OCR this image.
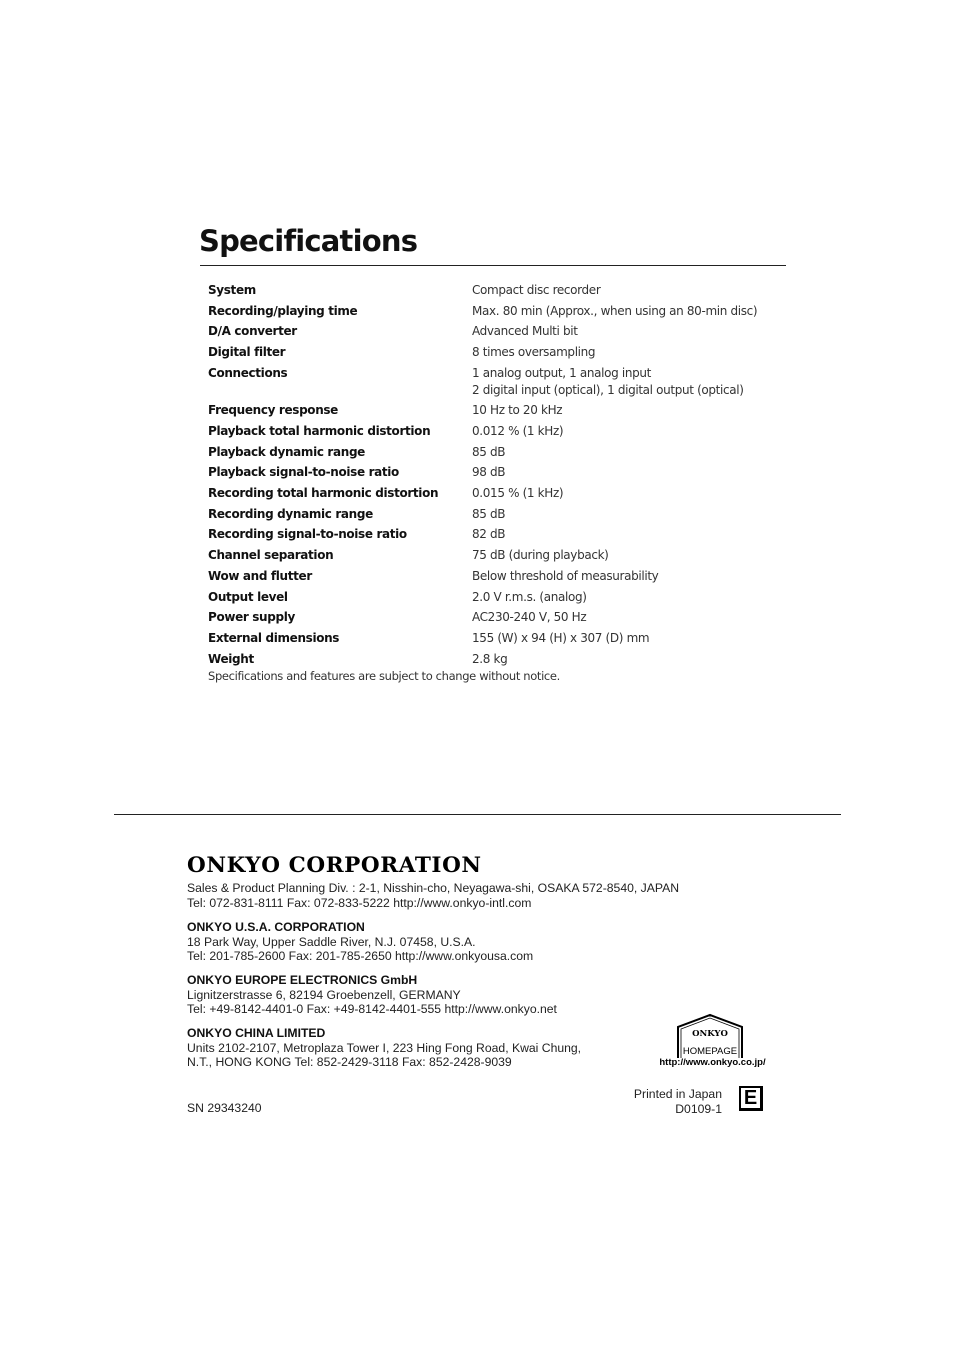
Specifications
System	Compact disc recorder
Recording/playing time	Max. 80 min (Approx., when using an 80-min disc)
D/A converter	Advanced Multi bit
Digital filter	8 times oversampling
Connections	1 analog output, 1 analog input
2 digital input (optical), 1 digital output (optical)
Frequency response	10 Hz to 20 kHz
Playback total harmonic distortion	0.012 % (1 kHz)
Playback dynamic range	85 dB
Playback signal-to-noise ratio	98 dB
Recording total harmonic distortion	0.015 % (1 kHz)
Recording dynamic range	85 dB
Recording signal-to-noise ratio	82 dB
Channel separation	75 dB (during playback)
Wow and flutter	Below threshold of measurability
Output level	2.0 V r.m.s. (analog)
Power supply	AC230-240 V, 50 Hz
External dimensions	155 (W) x 94 (H) x 307 (D) mm
Weight	2.8 kg
Specifications and features are subject to change without notice.
ONKYO CORPORATION
Sales & Product Planning Div. : 2-1, Nisshin-cho, Neyagawa-shi, OSAKA 572-8540, JAPAN
Tel: 072-831-8111 Fax: 072-833-5222 http://www.onkyo-intl.com
ONKYO U.S.A. CORPORATION
18 Park Way, Upper Saddle River, N.J. 07458, U.S.A.
Tel: 201-785-2600 Fax: 201-785-2650 http://www.onkyousa.com
ONKYO EUROPE ELECTRONICS GmbH
Lignitzerstrasse 6, 82194 Groebenzell, GERMANY
Tel: +49-8142-4401-0 Fax: +49-8142-4401-555 http://www.onkyo.net
ONKYO CHINA LIMITED
Units 2102-2107, Metroplaza Tower I, 223 Hing Fong Road, Kwai Chung,
N.T., HONG KONG Tel: 852-2429-3118 Fax: 852-2428-9039
ONKYO
HOMEPAGE
http://www.onkyo.co.jp/
Printed in Japan
D0109-1 E
SN 29343240
